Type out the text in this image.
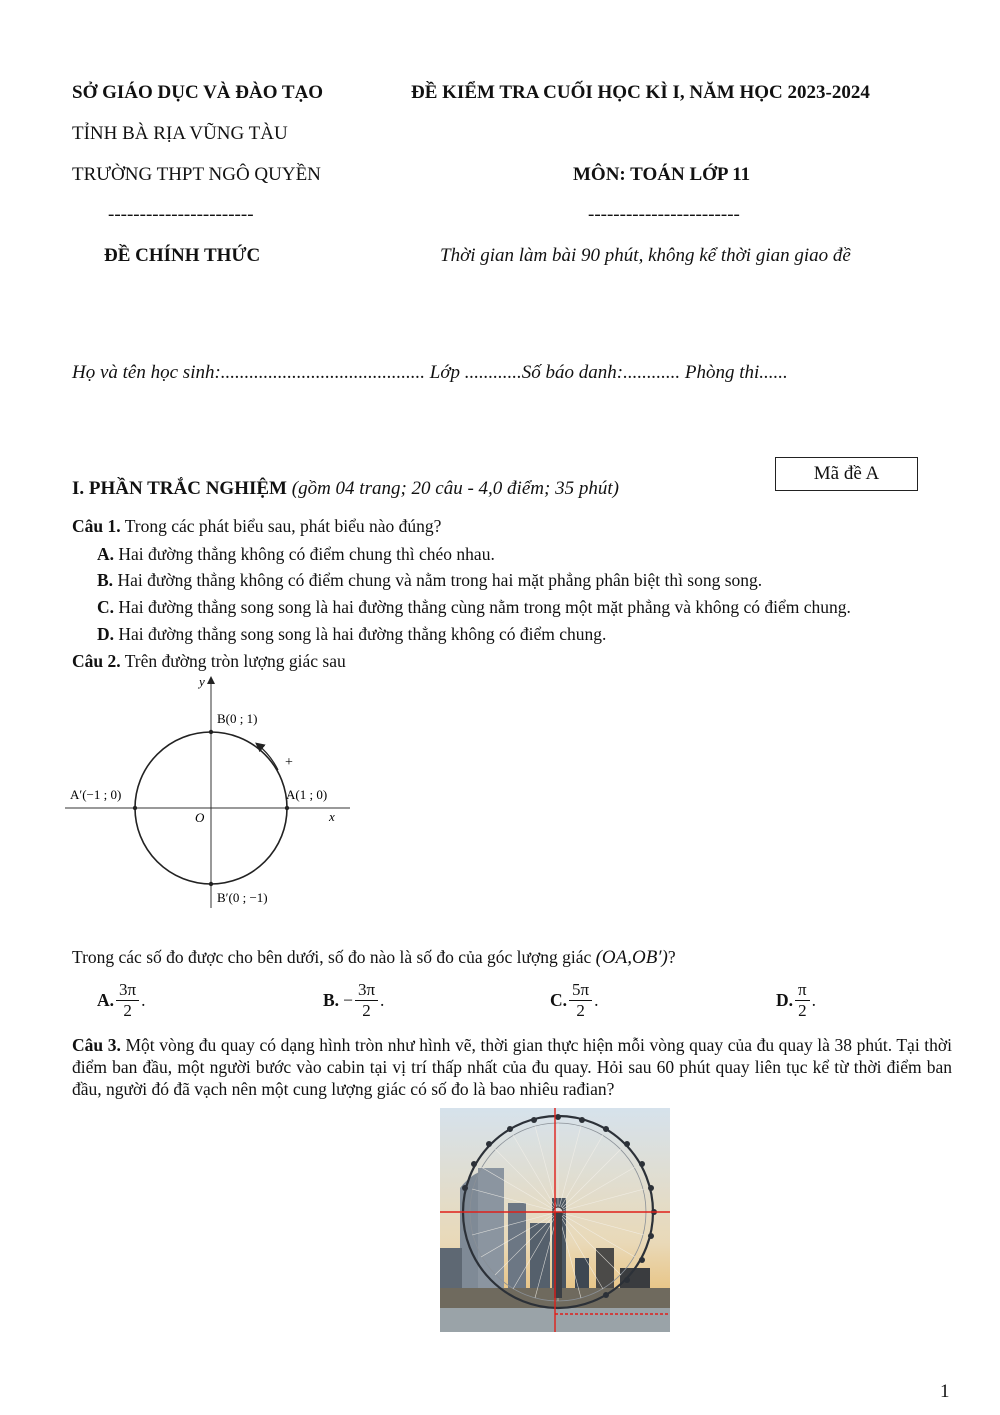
SỞ GIÁO DỤC VÀ ĐÀO TẠO
TỈNH BÀ RỊA VŨNG TÀU
TRƯỜNG THPT NGÔ QUYỀN
-----------------------
ĐỀ CHÍNH THỨC
ĐỀ KIỂM TRA CUỐI HỌC KÌ I, NĂM HỌC 2023-2024
MÔN: TOÁN LỚP 11
------------------------
Thời gian làm bài 90 phút, không kể thời gian giao đề
Họ và tên học sinh:........................................... Lớp ............Số báo danh:............ Phòng thi......
I. PHẦN TRẮC NGHIỆM (gồm 04 trang; 20 câu - 4,0 điểm; 35 phút)
Mã đề A
Câu 1. Trong các phát biểu sau, phát biểu nào đúng?
A. Hai đường thẳng không có điểm chung thì chéo nhau.
B. Hai đường thẳng không có điểm chung và nằm trong hai mặt phẳng phân biệt thì song song.
C. Hai đường thẳng song song là hai đường thẳng cùng nằm trong một mặt phẳng và không có điểm chung.
D. Hai đường thẳng song song là hai đường thẳng không có điểm chung.
Câu 2. Trên đường tròn lượng giác sau
y
x
O
B(0 ; 1)
A(1 ; 0)
A′(−1 ; 0)
B′(0 ; −1)
+
Trong các số đo được cho bên dưới, số đo nào là số đo của góc lượng giác (OA,OB′)?
A. $\frac{3\pi}{2}$ .	B. − $\frac{3\pi}{2}$ .	C. $\frac{5\pi}{2}$ .	D. $\frac{\pi}{2}$ .
Câu 3. Một vòng đu quay có dạng hình tròn như hình vẽ, thời gian thực hiện mỗi vòng quay của đu quay là 38 phút. Tại thời điểm ban đầu, một người bước vào cabin tại vị trí thấp nhất của đu quay. Hỏi sau 60 phút quay liên tục kể từ thời điểm ban đầu, người đó đã vạch nên một cung lượng giác có số đo là bao nhiêu rađian?
1
